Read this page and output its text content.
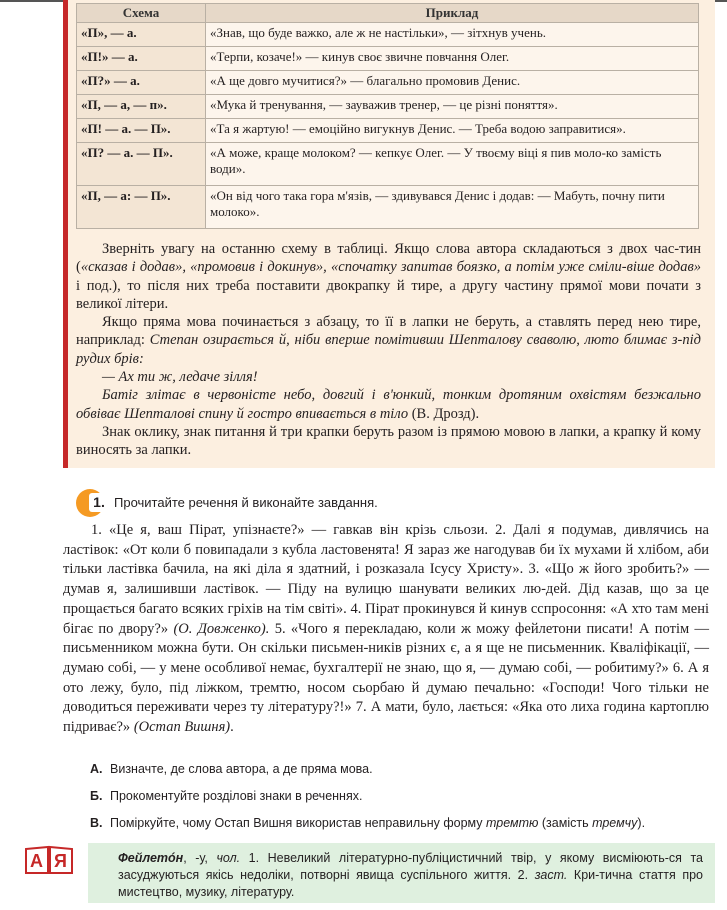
Схема	Приклад
«П», — а.	«Знав, що буде важко, але ж не настільки», — зітхнув учень.
«П!» — а.	«Терпи, козаче!» — кинув своє звичне повчання Олег.
«П?» — а.	«А ще довго мучитися?» — благально промовив Денис.
«П, — а, — п».	«Мука й тренування, — зауважив тренер, — це різні поняття».
«П! — а. — П».	«Та я жартую! — емоційно вигукнув Денис. — Треба водою заправитися».
«П? — а. — П».	«А може, краще молоком? — кепкує Олег. — У твоєму віці я пив моло-ко замість води».
«П, — а: — П».	«Он від чого така гора м'язів, — здивувався Денис і додав: — Мабуть, почну пити молоко».

Зверніть увагу на останню схему в таблиці. Якщо слова автора складаються з двох час-тин («сказав і додав», «промовив і докинув», «спочатку запитав боязко, а потім уже сміли-віше додав» і под.), то після них треба поставити двокрапку й тире, а другу частину прямої мови почати з великої літери.

Якщо пряма мова починається з абзацу, то її в лапки не беруть, а ставлять перед нею тире, наприклад: Степан озирається й, ніби вперше помітивши Шепталову сваволю, люто блимає з-під рудих брів:

— Ах ти ж, ледаче зілля!

Батіг злітає в червоністе небо, довгий і в'юнкий, тонким дротяним охвістям безжально обвіває Шепталові спину й гостро впивається в тіло (В. Дрозд).

Знак оклику, знак питання й три крапки беруть разом із прямою мовою в лапки, а крапку й кому виносять за лапки.

1. Прочитайте речення й виконайте завдання.

1. «Це я, ваш Пірат, упізнаєте?» — гавкав він крізь сльози. 2. Далі я подумав, дивлячись на ластівок: «От коли б повипадали з кубла ластовенята! Я зараз же нагодував би їх мухами й хлібом, аби тільки ластівка бачила, на які діла я здатний, і розказала Ісусу Христу». 3. «Що ж його зробить?» — думав я, залишивши ластівок. — Піду на вулицю шанувати великих лю-дей. Дід казав, що за це прощається багато всяких гріхів на тім світі». 4. Пірат прокинувся й кинув сспросоння: «А хто там мені бігає по двору?» (О. Довженко). 5. «Чого я перекладаю, коли ж можу фейлетони писати! А потім — письменником можна бути. Он скільки письмен-ників різних є, а я ще не письменник. Кваліфікації, — думаю собі, — у мене особливої немає, бухгалтерії не знаю, що я, — думаю собі, — робитиму?» 6. А я ото лежу, було, під ліжком, тремтю, носом сьорбаю й думаю печально: «Господи! Чого тільки не доводиться переживати через ту літературу?!» 7. А мати, було, лається: «Яка ото лиха година картоплю підриває?» (Остап Вишня).

А. Визначте, де слова автора, а де пряма мова.
Б. Прокоментуйте розділові знаки в реченнях.
В. Поміркуйте, чому Остап Вишня використав неправильну форму тремтю (замість тремчу).
А Я	Фейлетóн, -у, чол. 1. Невеликий літературно-публіцистичний твір, у якому висміюють-ся та засуджуються якісь недоліки, потворні явища суспільного життя. 2. заст. Кри-тична стаття про мистецтво, музику, літературу.
